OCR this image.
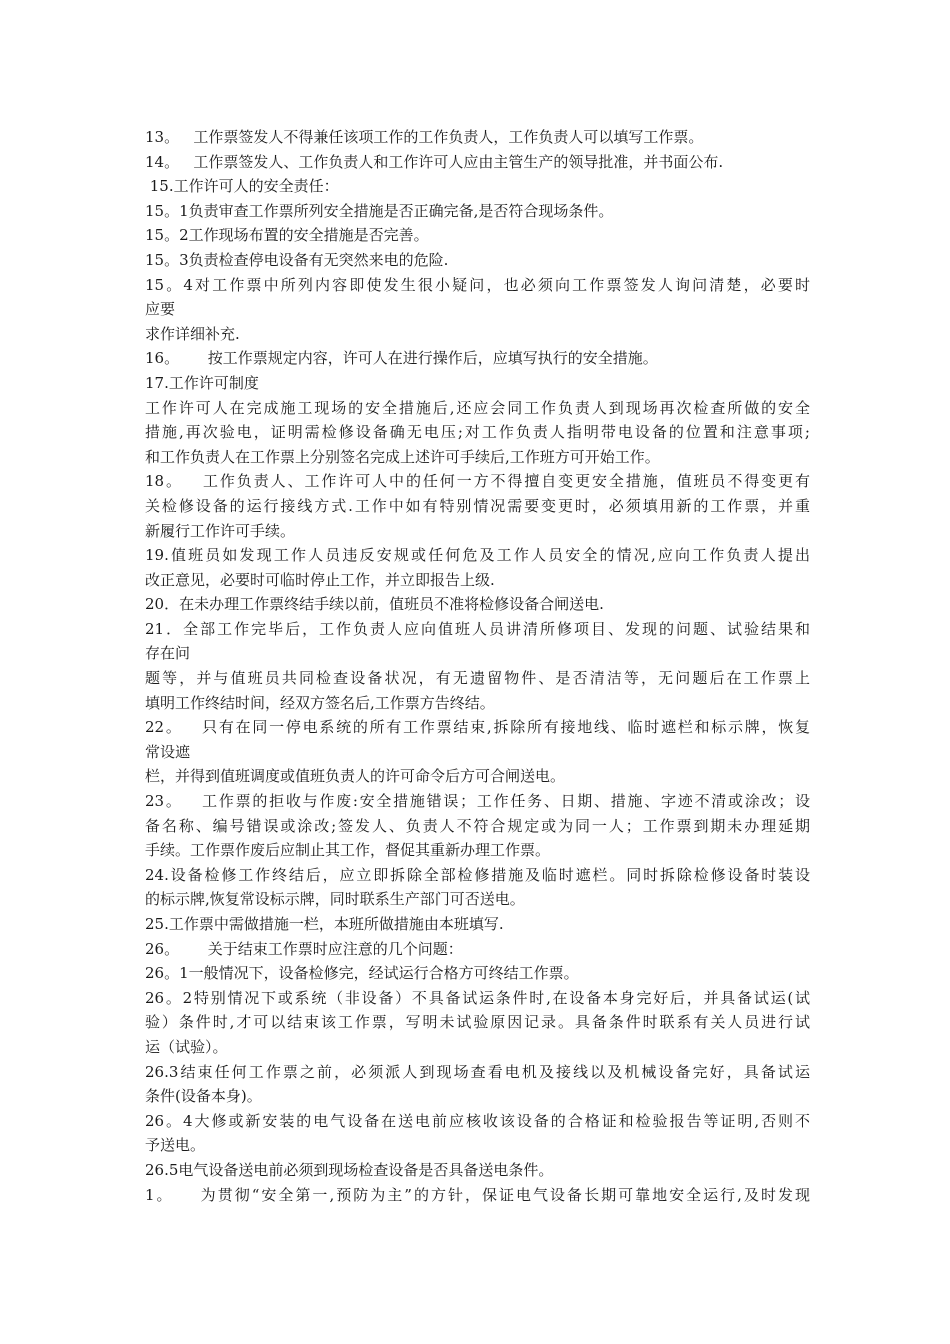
13。   工作票签发人不得兼任该项工作的工作负责人，工作负责人可以填写工作票。
14。   工作票签发人、工作负责人和工作许可人应由主管生产的领导批准，并书面公布.
15.工作许可人的安全责任：
15。1负责审查工作票所列安全措施是否正确完备,是否符合现场条件。
15。2工作现场布置的安全措施是否完善。
15。3负责检查停电设备有无突然来电的危险.
15。4对工作票中所列内容即使发生很小疑问，也必须向工作票签发人询问清楚，必要时
应要
求作详细补充.
16。      按工作票规定内容，许可人在进行操作后，应填写执行的安全措施。
17.工作许可制度
工作许可人在完成施工现场的安全措施后,还应会同工作负责人到现场再次检查所做的安全
措施,再次验电，证明需检修设备确无电压;对工作负责人指明带电设备的位置和注意事项;
和工作负责人在工作票上分别签名完成上述许可手续后,工作班方可开始工作。
18。   工作负责人、工作许可人中的任何一方不得擅自变更安全措施，值班员不得变更有
关检修设备的运行接线方式.工作中如有特别情况需要变更时，必须填用新的工作票，并重
新履行工作许可手续。
19.值班员如发现工作人员违反安规或任何危及工作人员安全的情况,应向工作负责人提出
改正意见，必要时可临时停止工作，并立即报告上级.
20．在未办理工作票终结手续以前，值班员不准将检修设备合闸送电.
21．全部工作完毕后，工作负责人应向值班人员讲清所修项目、发现的问题、试验结果和
存在问
题等，并与值班员共同检查设备状况，有无遗留物件、是否清洁等，无问题后在工作票上
填明工作终结时间，经双方签名后,工作票方告终结。
22。   只有在同一停电系统的所有工作票结束,拆除所有接地线、临时遮栏和标示牌，恢复
常设遮
栏，并得到值班调度或值班负责人的许可命令后方可合闸送电。
23。   工作票的拒收与作废:安全措施错误；工作任务、日期、措施、字迹不清或涂改；设
备名称、编号错误或涂改;签发人、负责人不符合规定或为同一人；工作票到期未办理延期
手续。工作票作废后应制止其工作，督促其重新办理工作票。
24.设备检修工作终结后，应立即拆除全部检修措施及临时遮栏。同时拆除检修设备时装设
的标示牌,恢复常设标示牌，同时联系生产部门可否送电。
25.工作票中需做措施一栏，本班所做措施由本班填写.
26。      关于结束工作票时应注意的几个问题：
26。1一般情况下，设备检修完，经试运行合格方可终结工作票。
26。2特别情况下或系统（非设备）不具备试运条件时,在设备本身完好后，并具备试运(试
验）条件时,才可以结束该工作票，写明未试验原因记录。具备条件时联系有关人员进行试
运（试验）。
26.3结束任何工作票之前，必须派人到现场查看电机及接线以及机械设备完好，具备试运
条件(设备本身)。
26。4大修或新安装的电气设备在送电前应核收该设备的合格证和检验报告等证明,否则不
予送电。
26.5电气设备送电前必须到现场检查设备是否具备送电条件。
1。    为贯彻“安全第一,预防为主”的方针，保证电气设备长期可靠地安全运行,及时发现
